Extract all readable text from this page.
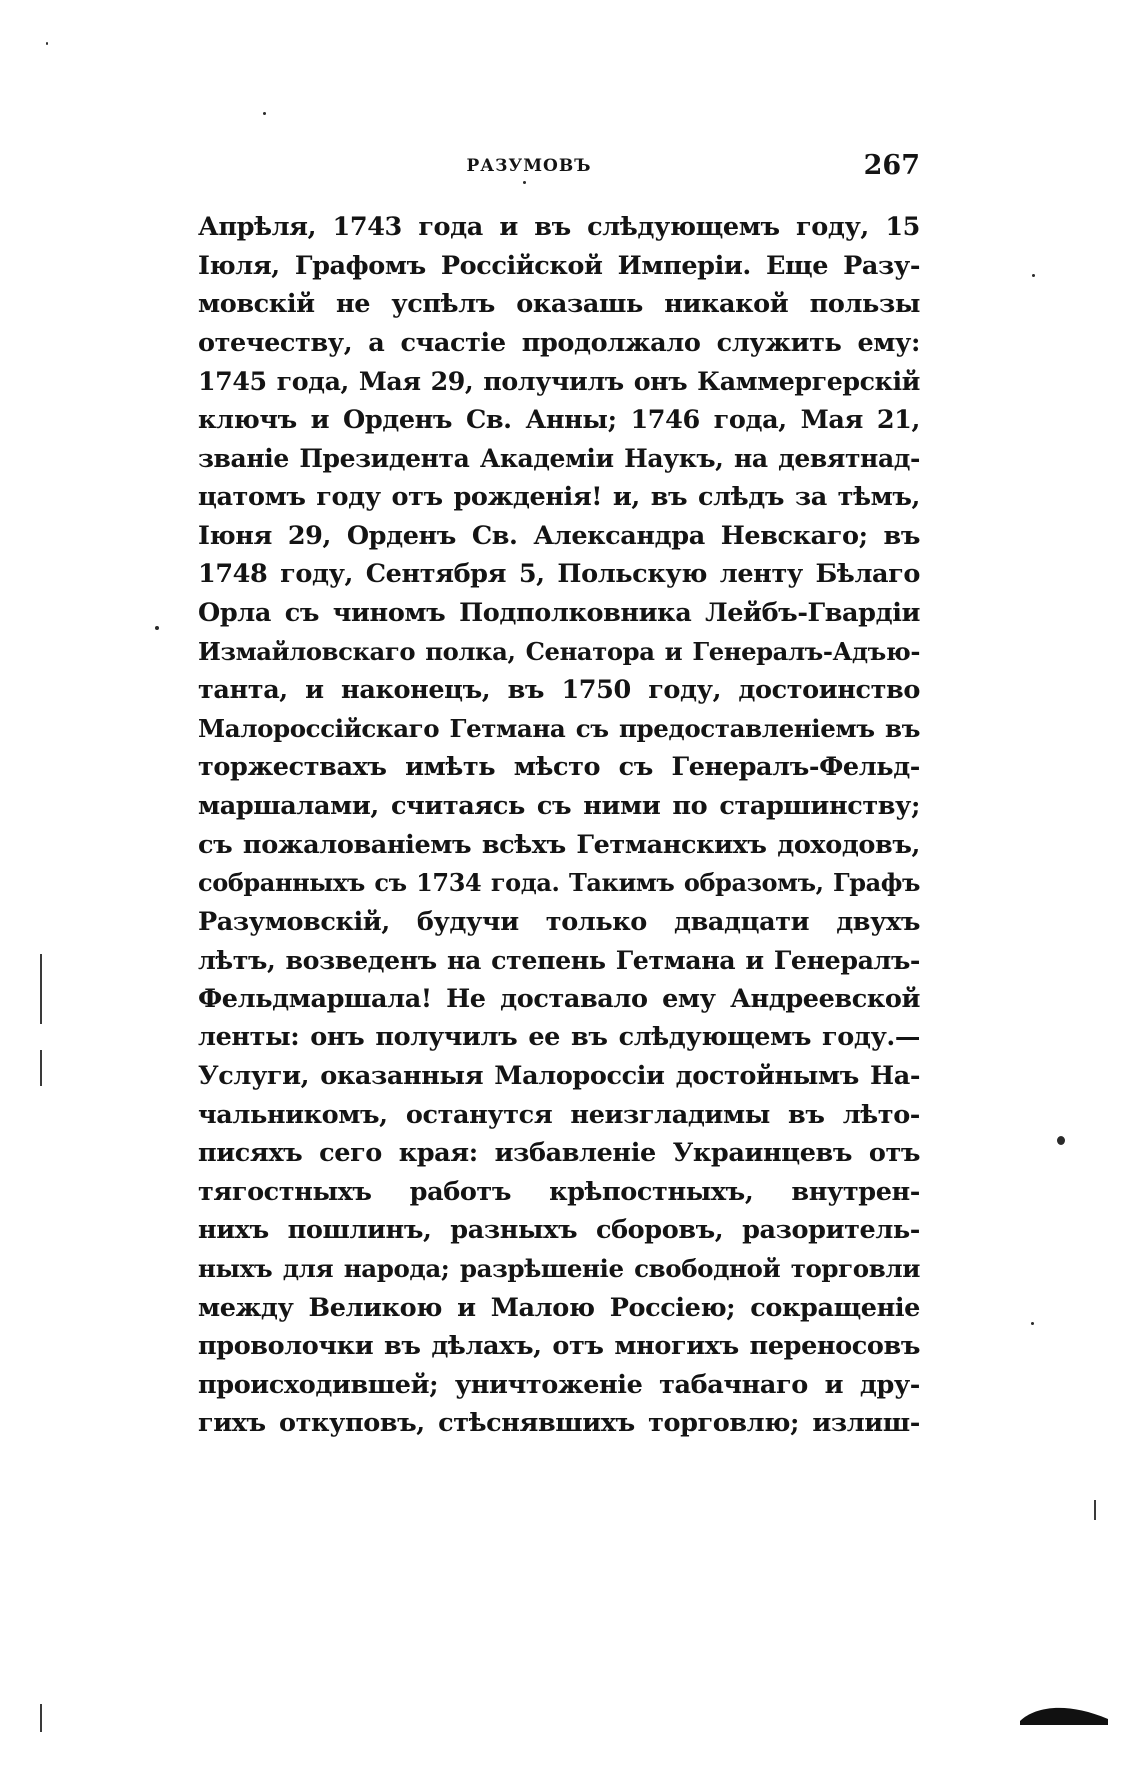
РАЗУМОВЪ	267
Апрѣля, 1743 года и въ слѣдующемъ году, 15
Іюля, Графомъ Россійской Имперіи. Еще Разу-
мовскій не успѣлъ оказашь никакой пользы
отечеству, а счастіе продолжало служить ему:
1745 года, Мая 29, получилъ онъ Каммергерскій
ключъ и Орденъ Св. Анны; 1746 года, Мая 21,
званіе Президента Академіи Наукъ, на девятнад-
цатомъ году отъ рожденія! и, въ слѣдъ за тѣмъ,
Іюня 29, Орденъ Св. Александра Невскаго; въ
1748 году, Сентября 5, Польскую ленту Бѣлаго
Орла съ чиномъ Подполковника Лейбъ-Гвардіи
Измайловскаго полка, Сенатора и Генералъ-Адъю-
танта, и наконецъ, въ 1750 году, достоинство
Малороссійскаго Гетмана съ предоставленіемъ въ
торжествахъ имѣть мѣсто съ Генералъ-Фельд-
маршалами, считаясь съ ними по старшинству;
съ пожалованіемъ всѣхъ Гетманскихъ доходовъ,
собранныхъ съ 1734 года. Такимъ образомъ, Графъ
Разумовскій, будучи только двадцати двухъ
лѣтъ, возведенъ на степень Гетмана и Генералъ-
Фельдмаршала! Не доставало ему Андреевской
ленты: онъ получилъ ее въ слѣдующемъ году.—
Услуги, оказанныя Малороссіи достойнымъ На-
чальникомъ, останутся неизгладимы въ лѣто-
писяхъ сего края: избавленіе Украинцевъ отъ
тягостныхъ работъ крѣпостныхъ, внутрен-
нихъ пошлинъ, разныхъ сборовъ, разоритель-
ныхъ для народа; разрѣшеніе свободной торговли
между Великою и Малою Россіею; сокращеніе
проволочки въ дѣлахъ, отъ многихъ переносовъ
происходившей; уничтоженіе табачнаго и дру-
гихъ откуповъ, стѣснявшихъ торговлю; излиш-
